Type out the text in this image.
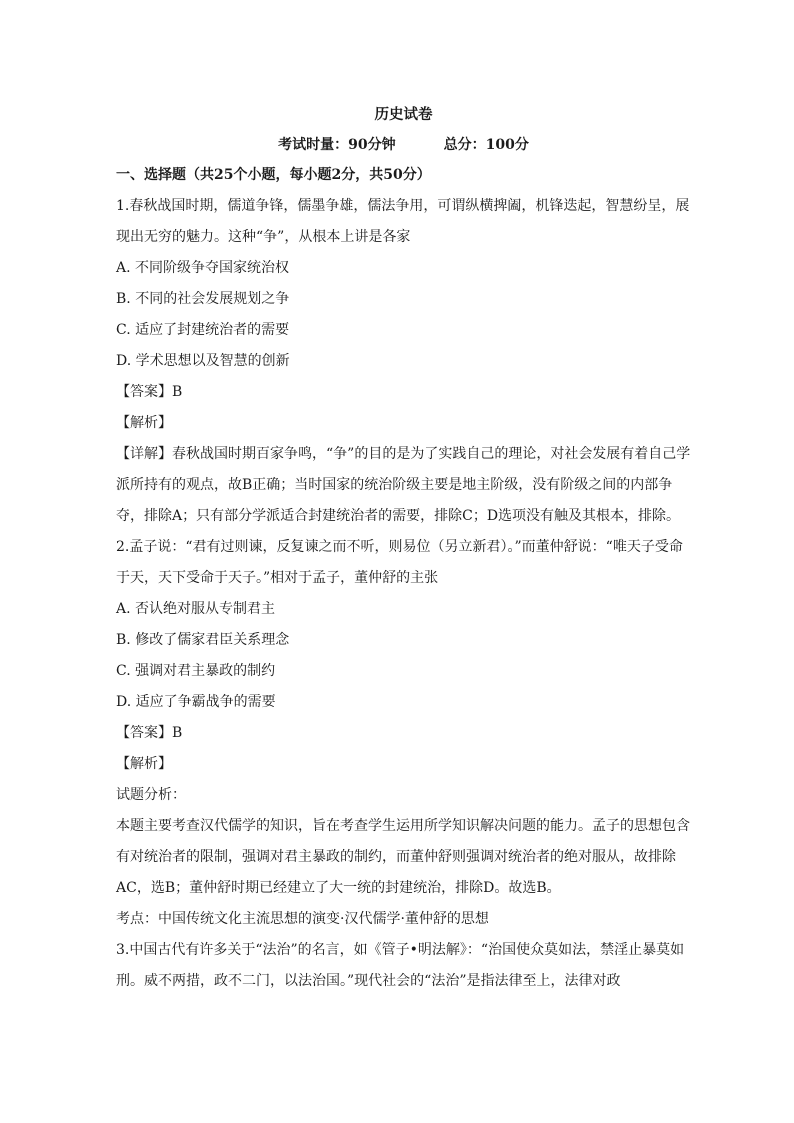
历史试卷
考试时量：90分钟	总分：100分
一、选择题（共25个小题，每小题2分，共50分）

1.春秋战国时期，儒道争锋，儒墨争雄，儒法争用，可谓纵横捭阖，机锋迭起，智慧纷呈，展现出无穷的魅力。这种“争”，从根本上讲是各家

A. 不同阶级争夺国家统治权
B. 不同的社会发展规划之争
C. 适应了封建统治者的需要
D. 学术思想以及智慧的创新
【答案】B
【解析】

【详解】春秋战国时期百家争鸣，“争”的目的是为了实践自己的理论，对社会发展有着自己学派所持有的观点，故B正确；当时国家的统治阶级主要是地主阶级，没有阶级之间的内部争夺，排除A；只有部分学派适合封建统治者的需要，排除C；D选项没有触及其根本，排除。

2.孟子说：“君有过则谏，反复谏之而不听，则易位（另立新君）。”而董仲舒说：“唯天子受命于天，天下受命于天子。”相对于孟子，董仲舒的主张

A. 否认绝对服从专制君主
B. 修改了儒家君臣关系理念
C. 强调对君主暴政的制约
D. 适应了争霸战争的需要
【答案】B
【解析】
试题分析：

本题主要考查汉代儒学的知识，旨在考查学生运用所学知识解决问题的能力。孟子的思想包含有对统治者的限制，强调对君主暴政的制约，而董仲舒则强调对统治者的绝对服从，故排除AC，选B；董仲舒时期已经建立了大一统的封建统治，排除D。故选B。

考点：中国传统文化主流思想的演变·汉代儒学·董仲舒的思想

3.中国古代有许多关于“法治”的名言，如《管子•明法解》：“治国使众莫如法，禁淫止暴莫如刑。威不两措，政不二门，以法治国。”现代社会的“法治”是指法律至上，法律对政
